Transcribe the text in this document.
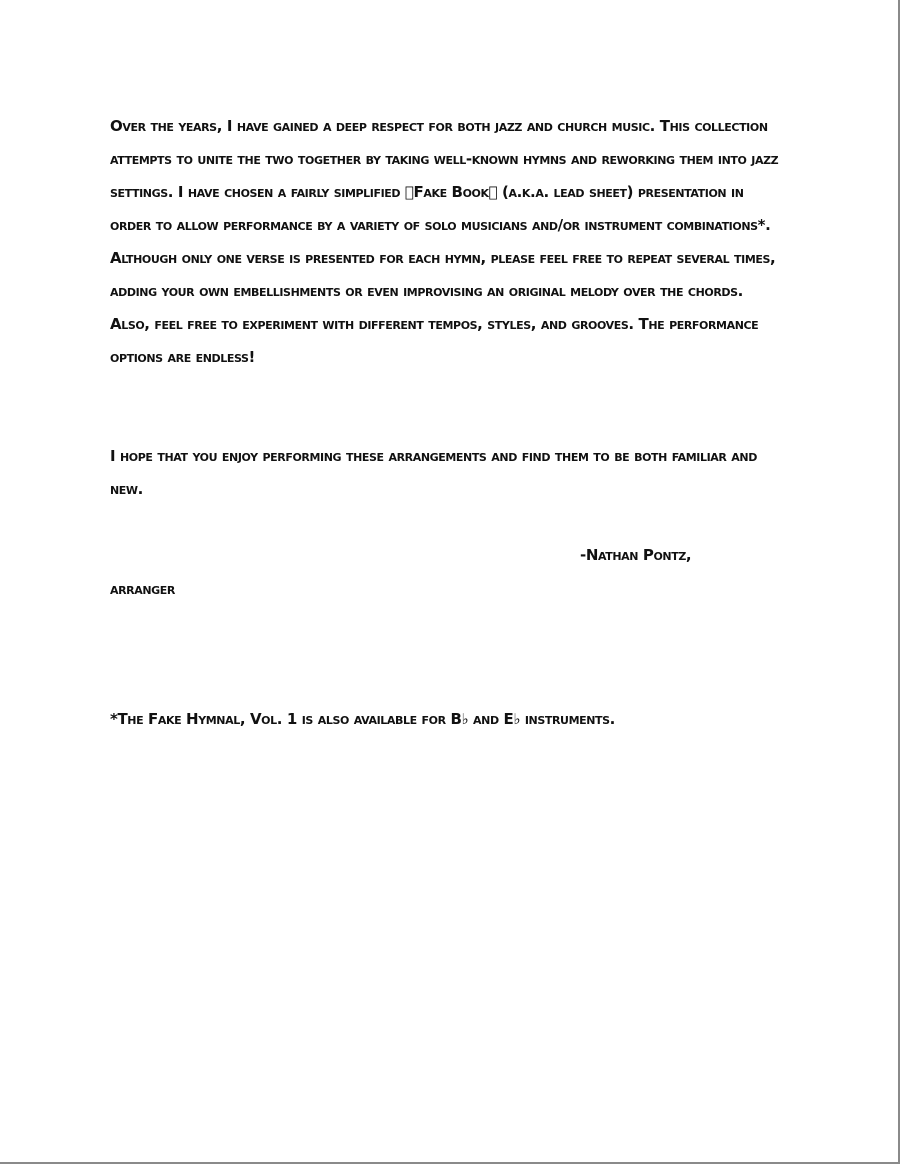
Over the years, I have gained a deep respect for both jazz and church music. This collection attempts to unite the two together by taking well-known hymns and reworking them into jazz settings. I have chosen a fairly simplified  Fake Book  (a.k.a. lead sheet) presentation in order to allow performance by a variety of solo musicians and/or instrument combinations*. Although only one verse is presented for each hymn, please feel free to repeat several times, adding your own embellishments or even improvising an original melody over the chords. Also, feel free to experiment with different tempos, styles, and grooves. The performance options are endless!

I hope that you enjoy performing these arrangements and find them to be both familiar and new.

-Nathan Pontz,

arranger

*The Fake Hymnal, Vol. 1 is also available for B♭ and E♭ instruments.
